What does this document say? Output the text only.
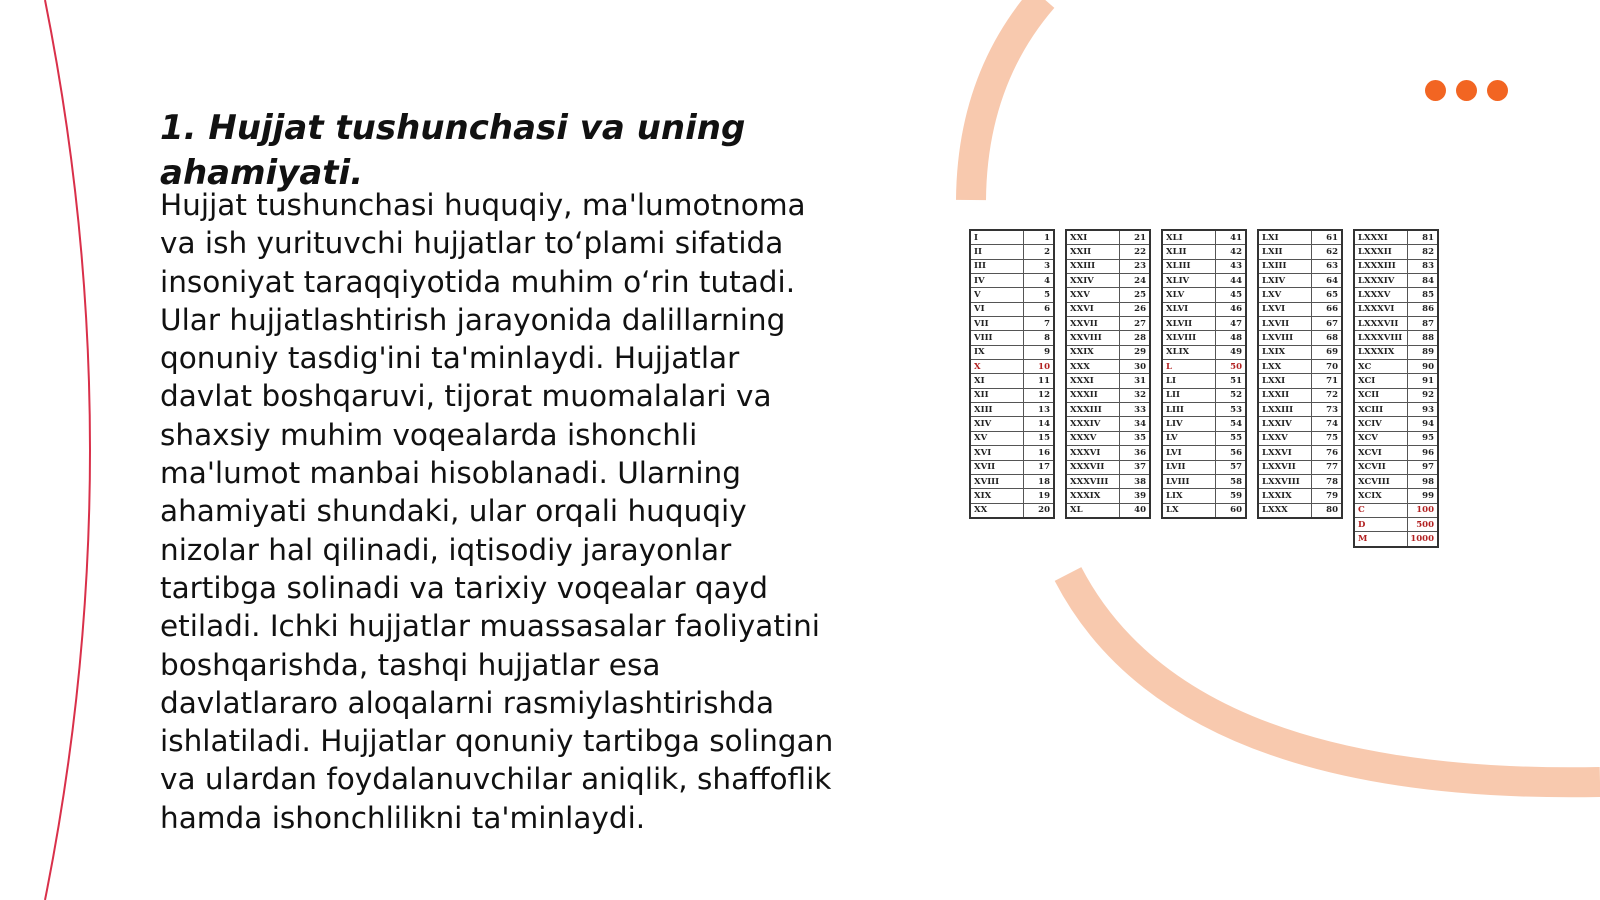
1. Hujjat tushunchasi va uning ahamiyati.

Hujjat tushunchasi huquqiy, ma'lumotnoma va ish yurituvchi hujjatlar to‘plami sifatida insoniyat taraqqiyotida muhim o‘rin tutadi. Ular hujjatlashtirish jarayonida dalillarning qonuniy tasdig'ini ta'minlaydi. Hujjatlar davlat boshqaruvi, tijorat muomalalari va shaxsiy muhim voqealarda ishonchli ma'lumot manbai hisoblanadi. Ularning ahamiyati shundaki, ular orqali huquqiy nizolar hal qilinadi, iqtisodiy jarayonlar tartibga solinadi va tarixiy voqealar qayd etiladi. Ichki hujjatlar muassasalar faoliyatini boshqarishda, tashqi hujjatlar esa davlatlararo aloqalarni rasmiylashtirishda ishlatiladi. Hujjatlar qonuniy tartibga solingan va ulardan foydalanuvchilar aniqlik, shaffoflik hamda ishonchlilikni ta'minlaydi.

I	1
II	2
III	3
IV	4
V	5
VI	6
VII	7
VIII	8
IX	9
X	10
XI	11
XII	12
XIII	13
XIV	14
XV	15
XVI	16
XVII	17
XVIII	18
XIX	19
XX	20
XXI	21
XXII	22
XXIII	23
XXIV	24
XXV	25
XXVI	26
XXVII	27
XXVIII	28
XXIX	29
XXX	30
XXXI	31
XXXII	32
XXXIII	33
XXXIV	34
XXXV	35
XXXVI	36
XXXVII	37
XXXVIII	38
XXXIX	39
XL	40
XLI	41
XLII	42
XLIII	43
XLIV	44
XLV	45
XLVI	46
XLVII	47
XLVIII	48
XLIX	49
L	50
LI	51
LII	52
LIII	53
LIV	54
LV	55
LVI	56
LVII	57
LVIII	58
LIX	59
LX	60
LXI	61
LXII	62
LXIII	63
LXIV	64
LXV	65
LXVI	66
LXVII	67
LXVIII	68
LXIX	69
LXX	70
LXXI	71
LXXII	72
LXXIII	73
LXXIV	74
LXXV	75
LXXVI	76
LXXVII	77
LXXVIII	78
LXXIX	79
LXXX	80
LXXXI	81
LXXXII	82
LXXXIII	83
LXXXIV	84
LXXXV	85
LXXXVI	86
LXXXVII	87
LXXXVIII	88
LXXXIX	89
XC	90
XCI	91
XCII	92
XCIII	93
XCIV	94
XCV	95
XCVI	96
XCVII	97
XCVIII	98
XCIX	99
C	100
D	500
M	1000
